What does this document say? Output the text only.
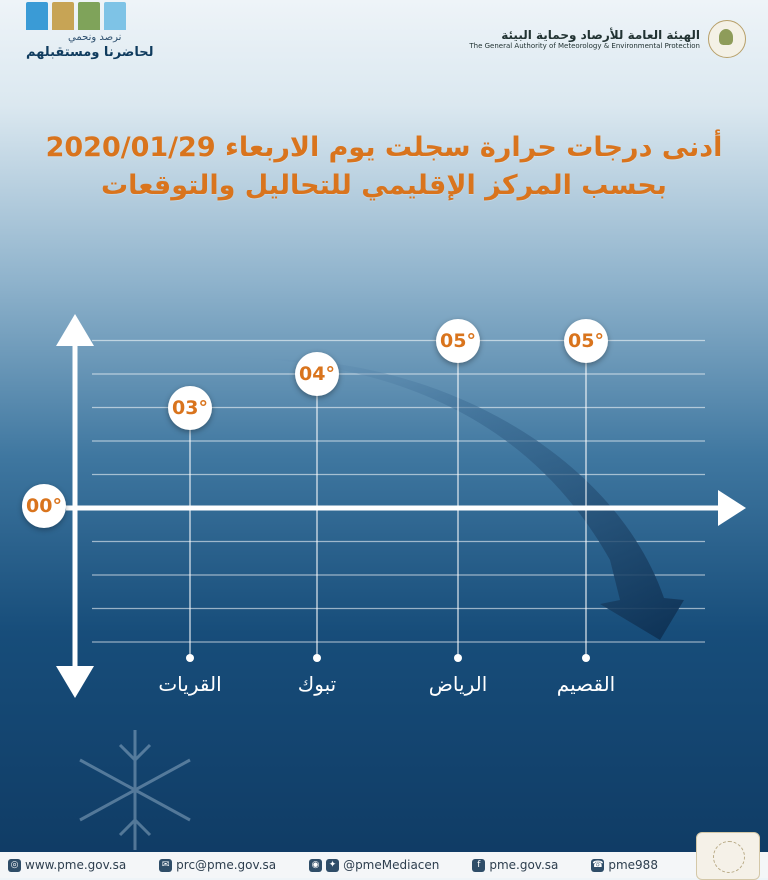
نرصد ونحمي
لحاضرنا ومستقبلهم
الهيئة العامة للأرصاد وحماية البيئة
The General Authority of Meteorology & Environmental Protection
أدنى درجات حرارة سجلت يوم الاربعاء 2020/01/29
بحسب المركز الإقليمي للتحاليل والتوقعات
00°
03°
04°
05°	05°
القريات	تبوك	الرياض	القصيم
◎ www.pme.gov.sa	✉ prc@pme.gov.sa	◉	✦ @pmeMediacen	f pme.gov.sa	☎ pme988
